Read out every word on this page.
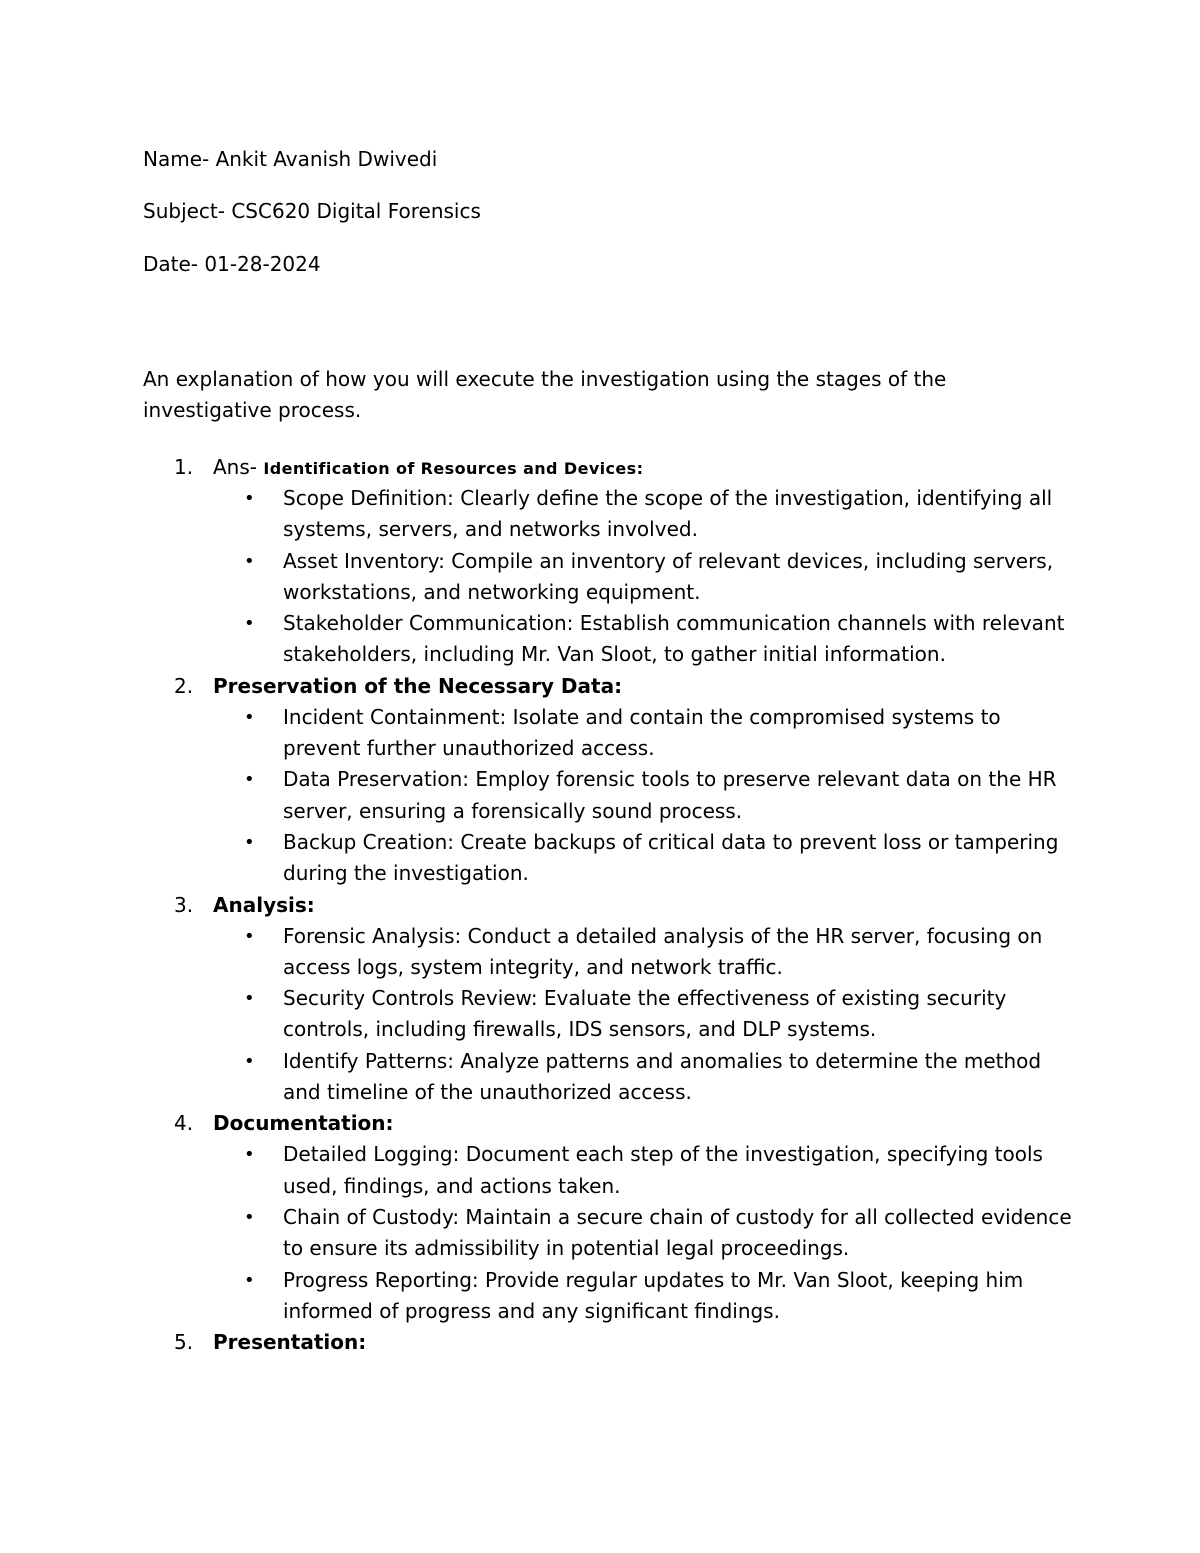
Name- Ankit Avanish Dwivedi
Subject- CSC620 Digital Forensics
Date- 01-28-2024
An explanation of how you will execute the investigation using the stages of the investigative process.
1. Ans- Identification of Resources and Devices:
• Scope Definition: Clearly define the scope of the investigation, identifying all systems, servers, and networks involved.
• Asset Inventory: Compile an inventory of relevant devices, including servers, workstations, and networking equipment.
• Stakeholder Communication: Establish communication channels with relevant stakeholders, including Mr. Van Sloot, to gather initial information.
2. Preservation of the Necessary Data:
• Incident Containment: Isolate and contain the compromised systems to prevent further unauthorized access.
• Data Preservation: Employ forensic tools to preserve relevant data on the HR server, ensuring a forensically sound process.
• Backup Creation: Create backups of critical data to prevent loss or tampering during the investigation.
3. Analysis:
• Forensic Analysis: Conduct a detailed analysis of the HR server, focusing on access logs, system integrity, and network traffic.
• Security Controls Review: Evaluate the effectiveness of existing security controls, including firewalls, IDS sensors, and DLP systems.
• Identify Patterns: Analyze patterns and anomalies to determine the method and timeline of the unauthorized access.
4. Documentation:
• Detailed Logging: Document each step of the investigation, specifying tools used, findings, and actions taken.
• Chain of Custody: Maintain a secure chain of custody for all collected evidence to ensure its admissibility in potential legal proceedings.
• Progress Reporting: Provide regular updates to Mr. Van Sloot, keeping him informed of progress and any significant findings.
5. Presentation:
